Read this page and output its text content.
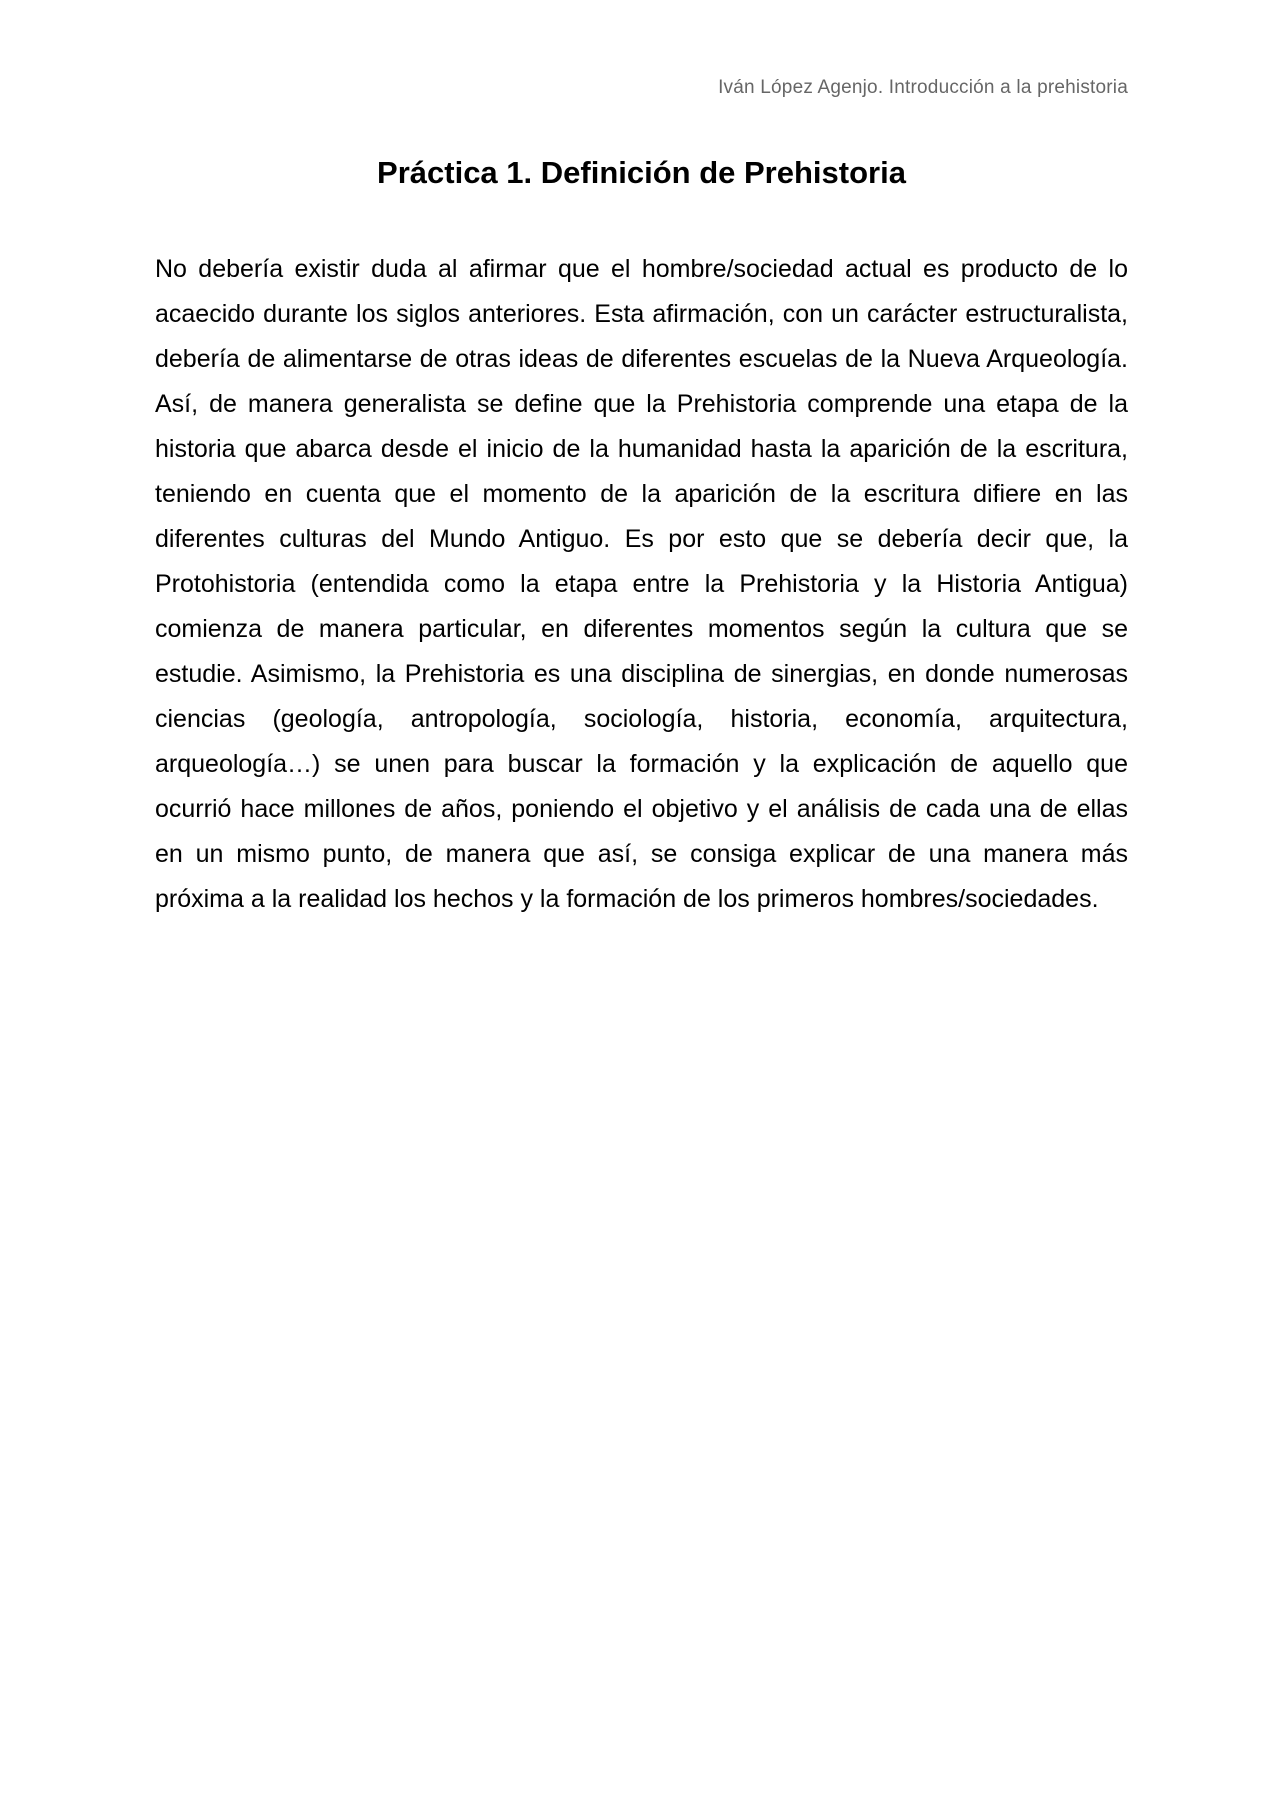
Iván López Agenjo. Introducción a la prehistoria
Práctica 1. Definición de Prehistoria

No debería existir duda al afirmar que el hombre/sociedad actual es producto de lo acaecido durante los siglos anteriores. Esta afirmación, con un carácter estructuralista, debería de alimentarse de otras ideas de diferentes escuelas de la Nueva Arqueología. Así, de manera generalista se define que la Prehistoria comprende una etapa de la historia que abarca desde el inicio de la humanidad hasta la aparición de la escritura, teniendo en cuenta que el momento de la aparición de la escritura difiere en las diferentes culturas del Mundo Antiguo. Es por esto que se debería decir que, la Protohistoria (entendida como la etapa entre la Prehistoria y la Historia Antigua) comienza de manera particular, en diferentes momentos según la cultura que se estudie. Asimismo, la Prehistoria es una disciplina de sinergias, en donde numerosas ciencias (geología, antropología, sociología, historia, economía, arquitectura, arqueología…) se unen para buscar la formación y la explicación de aquello que ocurrió hace millones de años, poniendo el objetivo y el análisis de cada una de ellas en un mismo punto, de manera que así, se consiga explicar de una manera más próxima a la realidad los hechos y la formación de los primeros hombres/sociedades.
